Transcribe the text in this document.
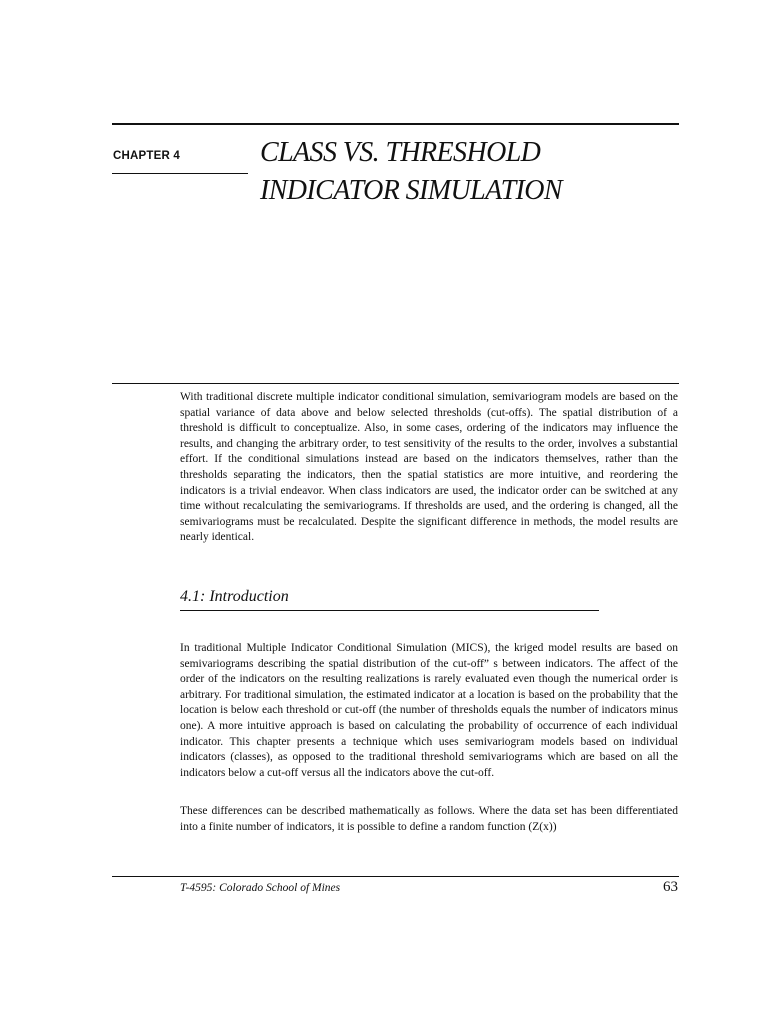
CHAPTER 4	CLASS VS. THRESHOLD
INDICATOR SIMULATION

With traditional discrete multiple indicator conditional simulation, semivariogram models are based on the spatial variance of data above and below selected thresholds (cut-offs). The spatial distribution of a threshold is difficult to conceptualize. Also, in some cases, ordering of the indicators may influence the results, and changing the arbitrary order, to test sensitivity of the results to the order, involves a substantial effort. If the conditional simulations instead are based on the indicators themselves, rather than the thresholds separating the indicators, then the spatial statistics are more intuitive, and reordering the indicators is a trivial endeavor. When class indicators are used, the indicator order can be switched at any time without recalculating the semivariograms. If thresholds are used, and the ordering is changed, all the semivariograms must be recalculated. Despite the significant difference in methods, the model results are nearly identical.

4.1: Introduction

In traditional Multiple Indicator Conditional Simulation (MICS), the kriged model results are based on semivariograms describing the spatial distribution of the cut-off” s between indicators. The affect of the order of the indicators on the resulting realizations is rarely evaluated even though the numerical order is arbitrary. For traditional simulation, the estimated indicator at a location is based on the probability that the location is below each threshold or cut-off (the number of thresholds equals the number of indicators minus one). A more intuitive approach is based on calculating the probability of occurrence of each individual indicator. This chapter presents a technique which uses semivariogram models based on individual indicators (classes), as opposed to the traditional threshold semivariograms which are based on all the indicators below a cut-off versus all the indicators above the cut-off.

These differences can be described mathematically as follows. Where the data set has been differentiated into a finite number of indicators, it is possible to define a random function (Z(x))

T-4595: Colorado School of Mines	63
